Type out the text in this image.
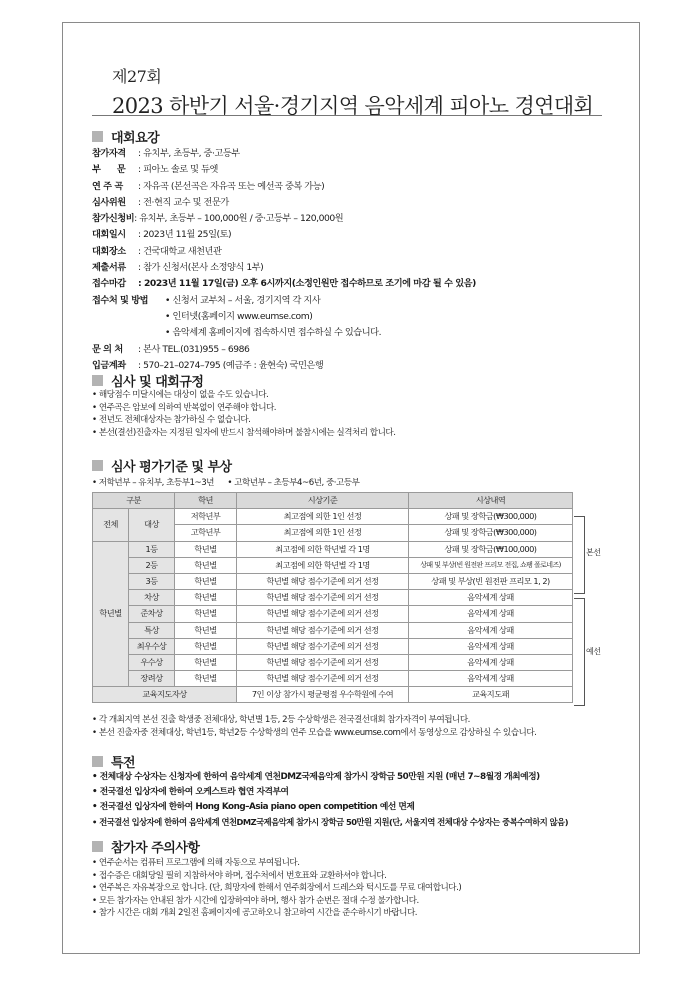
제27회
2023 하반기 서울·경기지역 음악세계 피아노 경연대회
대회요강
참가자격 : 유치부, 초등부, 중·고등부
부      문 : 피아노 솔로 및 듀엣
연 주 곡 : 자유곡 (본선곡은 자유곡 또는 예선곡 중복 가능)
심사위원 : 전·현직 교수 및 전문가
참가신청비: 유치부, 초등부 – 100,000원 / 중·고등부 – 120,000원
대회일시 : 2023년 11월 25일(토)
대회장소 : 건국대학교 새천년관
제출서류 : 참가 신청서(본사 소정양식 1부)
접수마감 : 2023년 11월 17일(금) 오후 6시까지(소정인원만 접수하므로 조기에 마감 될 수 있음)
접수처 및 방법 • 신청서 교부처 – 서울, 경기지역 각 지사
• 인터넷(홈페이지 www.eumse.com)
• 음악세계 홈페이지에 접속하시면 접수하실 수 있습니다.
문 의 처 : 본사 TEL.(031)955 – 6986
입금계좌 : 570–21–0274–795 (예금주 : 윤현숙) 국민은행
심사 및 대회규정
• 해당점수 미달시에는 대상이 없을 수도 있습니다.
• 연주곡은 암보에 의하여 반복없이 연주해야 합니다.
• 전년도 전체대상자는 참가하실 수 없습니다.
• 본선(결선)진출자는 지정된 일자에 반드시 참석해야하며 불참시에는 실격처리 합니다.
심사 평가기준 및 부상
• 저학년부 – 유치부, 초등부1~3년      • 고학년부 – 초등부4~6년, 중·고등부
구분		학년	시상기준	시상내역
전체	대상	저학년부	최고점에 의한 1인 선정	상패 및 장학금(₩300,000)
		고학년부	최고점에 의한 1인 선정	상패 및 장학금(₩300,000)
학년별	1등	학년별	최고점에 의한 학년별 각 1명	상패 및 장학금(₩100,000)
	2등	학년별	최고점에 의한 학년별 각 1명	상패 및 부상(빈 원전판 프리모 전집, 쇼팽 폴로네즈)
	3등	학년별	학년별 해당 점수기준에 의거 선정	상패 및 부상(빈 원전판 프리모 1, 2)
	차상	학년별	학년별 해당 점수기준에 의거 선정	음악세계 상패
	준차상	학년별	학년별 해당 점수기준에 의거 선정	음악세계 상패
	특상	학년별	학년별 해당 점수기준에 의거 선정	음악세계 상패
	최우수상	학년별	학년별 해당 점수기준에 의거 선정	음악세계 상패
	우수상	학년별	학년별 해당 점수기준에 의거 선정	음악세계 상패
	장려상	학년별	학년별 해당 점수기준에 의거 선정	음악세계 상패
교육지도자상			7인 이상 참가시 평균평점 우수학원에 수여	교육지도패
본선
예선
• 각 개최지역 본선 진출 학생중 전체대상, 학년별 1등, 2등 수상학생은 전국결선대회 참가자격이 부여됩니다.
• 본선 진출자중 전체대상, 학년1등, 학년2등 수상학생의 연주 모습을 www.eumse.com에서 동영상으로 감상하실 수 있습니다.
특전
• 전체대상 수상자는 신청자에 한하여 음악세계 연천DMZ국제음악제 참가시 장학금 50만원 지원 (매년 7~8월경 개최예정)
• 전국결선 입상자에 한하여 오케스트라 협연 자격부여
• 전국결선 입상자에 한하여 Hong Kong–Asia piano open competition 예선 면제
• 전국결선 입상자에 한하여 음악세계 연천DMZ국제음악제 참가시 장학금 50만원 지원(단, 서울지역 전체대상 수상자는 중복수여하지 않음)
참가자 주의사항
• 연주순서는 컴퓨터 프로그램에 의해 자동으로 부여됩니다.
• 접수증은 대회당일 필히 지참하셔야 하며, 접수처에서 번호표와 교환하셔야 합니다.
• 연주복은 자유복장으로 합니다. (단, 희망자에 한해서 연주회장에서 드레스와 턱시도를 무료 대여합니다.)
• 모든 참가자는 안내된 참가 시간에 입장하여야 하며, 행사 참가 순번은 절대 수정 불가합니다.
• 참가 시간은 대회 개최 2일전 홈페이지에 공고하오니 참고하여 시간을 준수하시기 바랍니다.
